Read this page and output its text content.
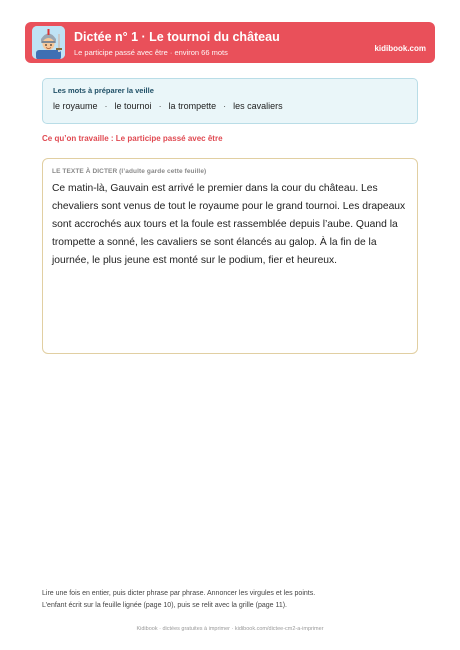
Dictée n° 1 · Le tournoi du château
Le participe passé avec être · environ 66 mots	kidibook.com
Les mots à préparer la veille
le royaume · le tournoi · la trompette · les cavaliers
Ce qu’on travaille : Le participe passé avec être
LE TEXTE À DICTER (l’adulte garde cette feuille)

Ce matin-là, Gauvain est arrivé le premier dans la cour du château. Les chevaliers sont venus de tout le royaume pour le grand tournoi. Les drapeaux sont accrochés aux tours et la foule est rassemblée depuis l’aube. Quand la trompette a sonné, les cavaliers se sont élancés au galop. À la fin de la journée, le plus jeune est monté sur le podium, fier et heureux.

Lire une fois en entier, puis dicter phrase par phrase. Annoncer les virgules et les points.
L’enfant écrit sur la feuille lignée (page 10), puis se relit avec la grille (page 11).
Kidibook · dictées gratuites à imprimer · kidibook.com/dictee-cm2-a-imprimer
